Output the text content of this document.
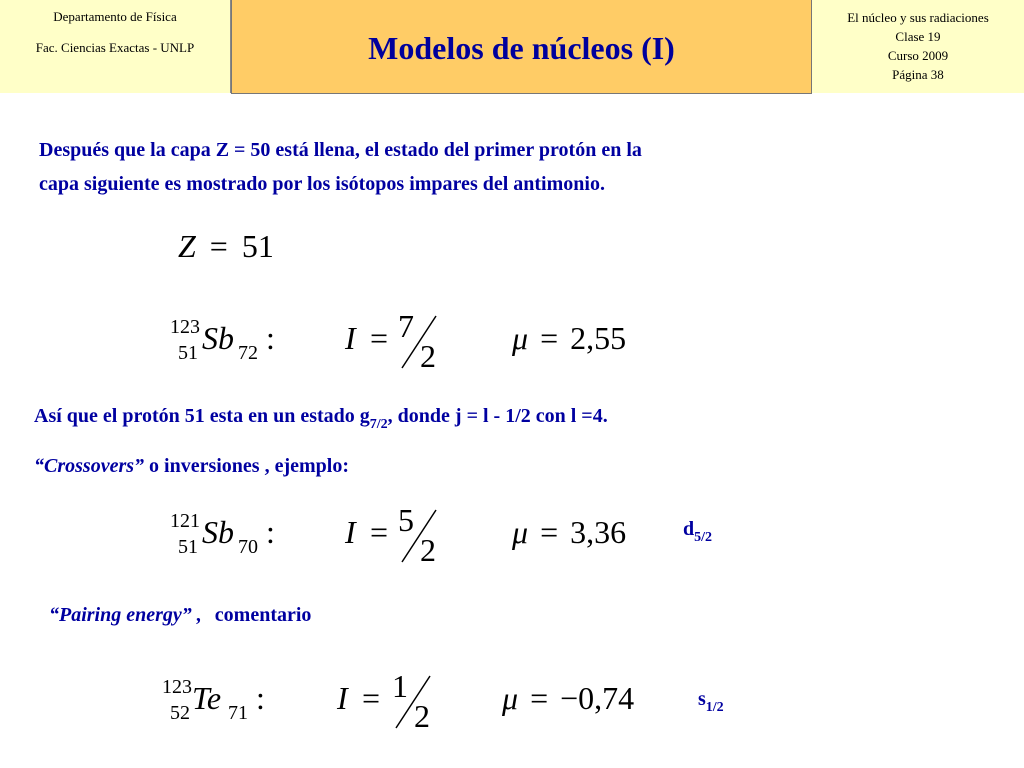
Departamento de Física
Fac. Ciencias Exactas - UNLP	Modelos de núcleos (I)
El núcleo y sus radiaciones
Clase 19
Curso 2009
Página 38
Después que la capa Z = 50 está llena, el estado del primer protón en la
capa siguiente es mostrado por los isótopos impares del antimonio.
Z = 51
123
51 Sb 72 : I = 7
2 μ = 2,55
Así que el protón 51 esta en un estado $g_{7/2}$, donde j = l - 1/2 con l =4.
“Crossovers” o inversiones , ejemplo:
121
51 Sb 70 : I = 5
2 μ = 3,36	$d_{5/2}$
“Pairing energy” , comentario
123
52 Te 71 : I = 1
2 μ = −0,74	$s_{1/2}$
